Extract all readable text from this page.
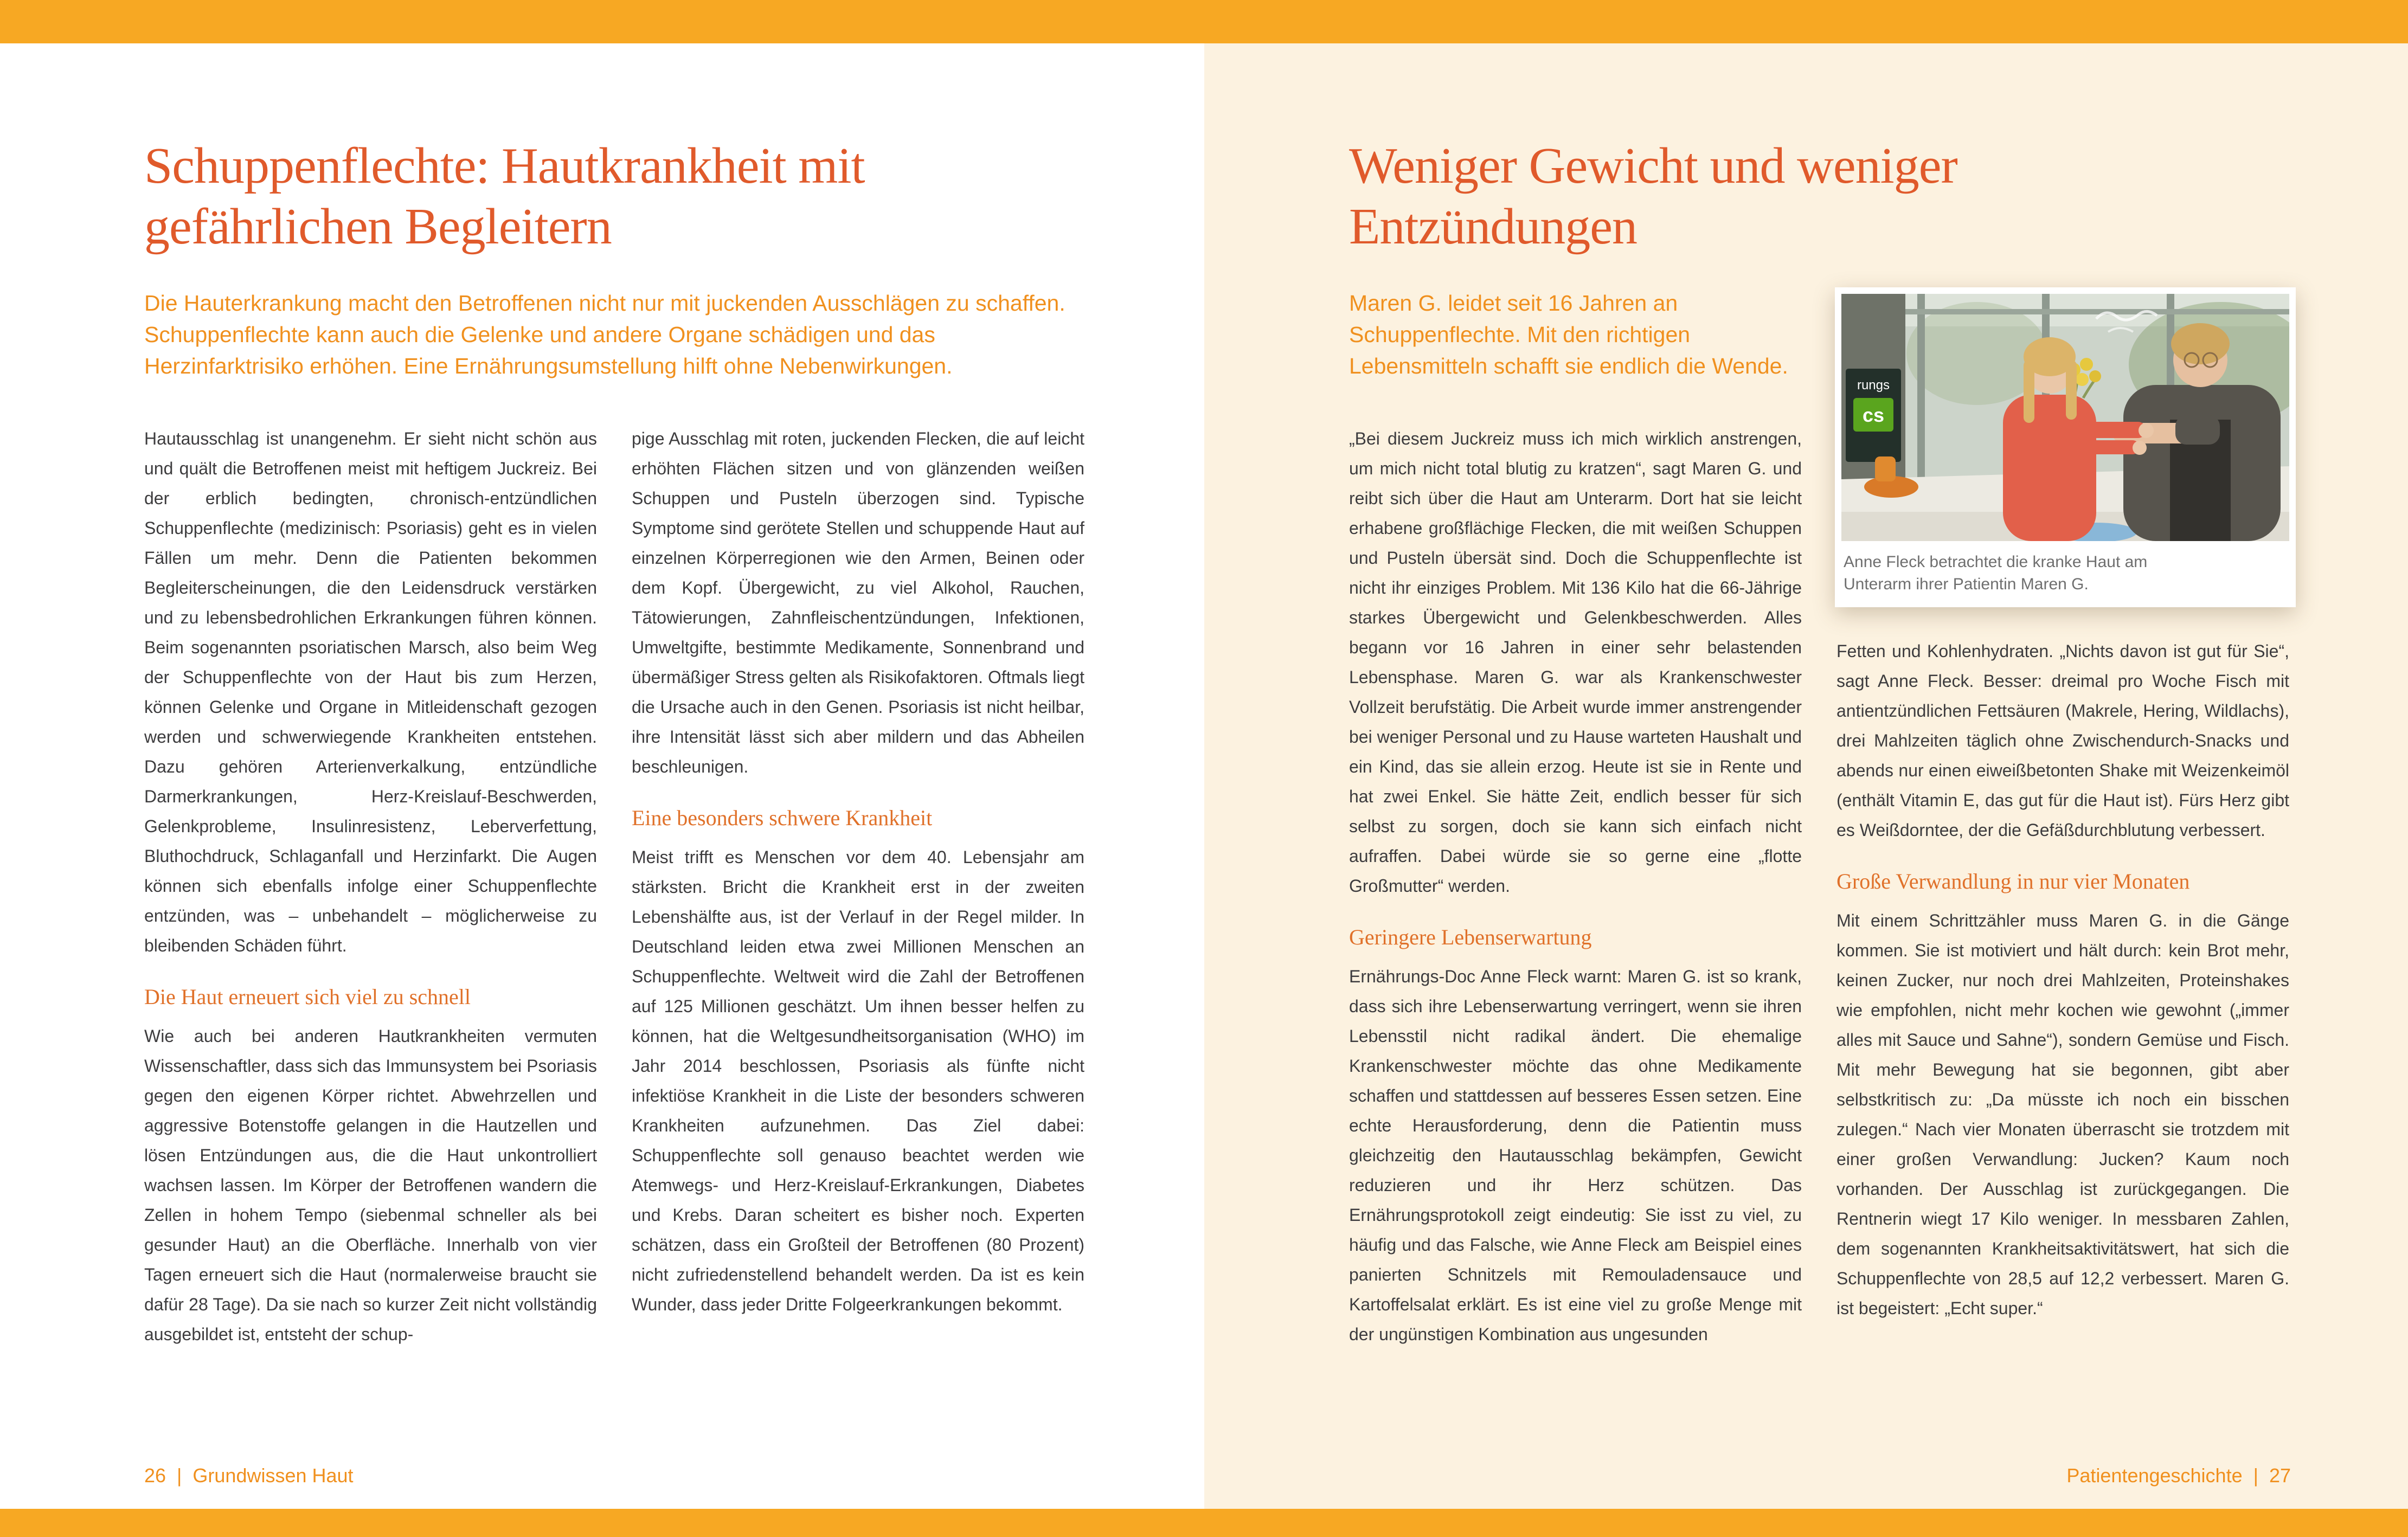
Schuppenflechte: Hautkrankheit mit gefährlichen Begleitern

Die Hauterkrankung macht den Betroffenen nicht nur mit juckenden Ausschlägen zu schaffen. Schuppenflechte kann auch die Gelenke und andere Organe schädigen und das Herzinfarktrisiko erhöhen. Eine Ernährungsumstellung hilft ohne Nebenwirkungen.

Hautausschlag ist unangenehm. Er sieht nicht schön aus und quält die Betroffenen meist mit heftigem Juckreiz. Bei der erblich bedingten, chronisch-entzündlichen Schuppenflechte (medizinisch: Psoriasis) geht es in vielen Fällen um mehr. Denn die Patienten bekommen Begleiterscheinungen, die den Leidensdruck verstärken und zu lebensbedrohlichen Erkrankungen führen können. Beim sogenannten psoriatischen Marsch, also beim Weg der Schuppenflechte von der Haut bis zum Herzen, können Gelenke und Organe in Mitleidenschaft gezogen werden und schwerwiegende Krankheiten entstehen. Dazu gehören Arterienverkalkung, entzündliche Darmerkrankungen, Herz-Kreislauf-Beschwerden, Gelenkprobleme, Insulinresistenz, Leberverfettung, Bluthochdruck, Schlaganfall und Herzinfarkt. Die Augen können sich ebenfalls infolge einer Schuppenflechte entzünden, was – unbehandelt – möglicherweise zu bleibenden Schäden führt.

Die Haut erneuert sich viel zu schnell

Wie auch bei anderen Hautkrankheiten vermuten Wissenschaftler, dass sich das Immunsystem bei Psoriasis gegen den eigenen Körper richtet. Abwehrzellen und aggressive Botenstoffe gelangen in die Hautzellen und lösen Entzündungen aus, die die Haut unkontrolliert wachsen lassen. Im Körper der Betroffenen wandern die Zellen in hohem Tempo (siebenmal schneller als bei gesunder Haut) an die Oberfläche. Innerhalb von vier Tagen erneuert sich die Haut (normalerweise braucht sie dafür 28 Tage). Da sie nach so kurzer Zeit nicht vollständig ausgebildet ist, entsteht der schup-

pige Ausschlag mit roten, juckenden Flecken, die auf leicht erhöhten Flächen sitzen und von glänzenden weißen Schuppen und Pusteln überzogen sind. Typische Symptome sind gerötete Stellen und schuppende Haut auf einzelnen Körperregionen wie den Armen, Beinen oder dem Kopf. Übergewicht, zu viel Alkohol, Rauchen, Tätowierungen, Zahnfleischentzündungen, Infektionen, Umweltgifte, bestimmte Medikamente, Sonnenbrand und übermäßiger Stress gelten als Risikofaktoren. Oftmals liegt die Ursache auch in den Genen. Psoriasis ist nicht heilbar, ihre Intensität lässt sich aber mildern und das Abheilen beschleunigen.

Eine besonders schwere Krankheit

Meist trifft es Menschen vor dem 40. Lebensjahr am stärksten. Bricht die Krankheit erst in der zweiten Lebenshälfte aus, ist der Verlauf in der Regel milder. In Deutschland leiden etwa zwei Millionen Menschen an Schuppenflechte. Weltweit wird die Zahl der Betroffenen auf 125 Millionen geschätzt. Um ihnen besser helfen zu können, hat die Weltgesundheitsorganisation (WHO) im Jahr 2014 beschlossen, Psoriasis als fünfte nicht infektiöse Krankheit in die Liste der besonders schweren Krankheiten aufzunehmen. Das Ziel dabei: Schuppenflechte soll genauso beachtet werden wie Atemwegs- und Herz-Kreislauf-Erkrankungen, Diabetes und Krebs. Daran scheitert es bisher noch. Experten schätzen, dass ein Großteil der Betroffenen (80 Prozent) nicht zufriedenstellend behandelt werden. Da ist es kein Wunder, dass jeder Dritte Folgeerkrankungen bekommt.

26 | Grundwissen Haut
Weniger Gewicht und weniger Entzündungen

Maren G. leidet seit 16 Jahren an Schuppenflechte. Mit den richtigen Lebensmitteln schafft sie endlich die Wende.

„Bei diesem Juckreiz muss ich mich wirklich anstrengen, um mich nicht total blutig zu kratzen“, sagt Maren G. und reibt sich über die Haut am Unterarm. Dort hat sie leicht erhabene großflächige Flecken, die mit weißen Schuppen und Pusteln übersät sind. Doch die Schuppenflechte ist nicht ihr einziges Problem. Mit 136 Kilo hat die 66-Jährige starkes Übergewicht und Gelenkbeschwerden. Alles begann vor 16 Jahren in einer sehr belastenden Lebensphase. Maren G. war als Krankenschwester Vollzeit berufstätig. Die Arbeit wurde immer anstrengender bei weniger Personal und zu Hause warteten Haushalt und ein Kind, das sie allein erzog. Heute ist sie in Rente und hat zwei Enkel. Sie hätte Zeit, endlich besser für sich selbst zu sorgen, doch sie kann sich einfach nicht aufraffen. Dabei würde sie so gerne eine „flotte Großmutter“ werden.

Geringere Lebenserwartung

Ernährungs-Doc Anne Fleck warnt: Maren G. ist so krank, dass sich ihre Lebenserwartung verringert, wenn sie ihren Lebensstil nicht radikal ändert. Die ehemalige Krankenschwester möchte das ohne Medikamente schaffen und stattdessen auf besseres Essen setzen. Eine echte Herausforderung, denn die Patientin muss gleichzeitig den Hautausschlag bekämpfen, Gewicht reduzieren und ihr Herz schützen. Das Ernährungsprotokoll zeigt eindeutig: Sie isst zu viel, zu häufig und das Falsche, wie Anne Fleck am Beispiel eines panierten Schnitzels mit Remouladensauce und Kartoffelsalat erklärt. Es ist eine viel zu große Menge mit der ungünstigen Kombination aus ungesunden

Fetten und Kohlenhydraten. „Nichts davon ist gut für Sie“, sagt Anne Fleck. Besser: dreimal pro Woche Fisch mit antientzündlichen Fettsäuren (Makrele, Hering, Wildlachs), drei Mahlzeiten täglich ohne Zwischendurch-Snacks und abends nur einen eiweißbetonten Shake mit Weizenkeimöl (enthält Vitamin E, das gut für die Haut ist). Fürs Herz gibt es Weißdorntee, der die Gefäßdurchblutung verbessert.

Große Verwandlung in nur vier Monaten

Mit einem Schrittzähler muss Maren G. in die Gänge kommen. Sie ist motiviert und hält durch: kein Brot mehr, keinen Zucker, nur noch drei Mahlzeiten, Proteinshakes wie empfohlen, nicht mehr kochen wie gewohnt („immer alles mit Sauce und Sahne“), sondern Gemüse und Fisch. Mit mehr Bewegung hat sie begonnen, gibt aber selbstkritisch zu: „Da müsste ich noch ein bisschen zulegen.“ Nach vier Monaten überrascht sie trotzdem mit einer großen Verwandlung: Jucken? Kaum noch vorhanden. Der Ausschlag ist zurückgegangen. Die Rentnerin wiegt 17 Kilo weniger. In messbaren Zahlen, dem sogenannten Krankheitsaktivitätswert, hat sich die Schuppenflechte von 28,5 auf 12,2 verbessert. Maren G. ist begeistert: „Echt super.“

rungs
cs
Anne Fleck betrachtet die kranke Haut am Unterarm ihrer Patientin Maren G.
Patientengeschichte | 27
